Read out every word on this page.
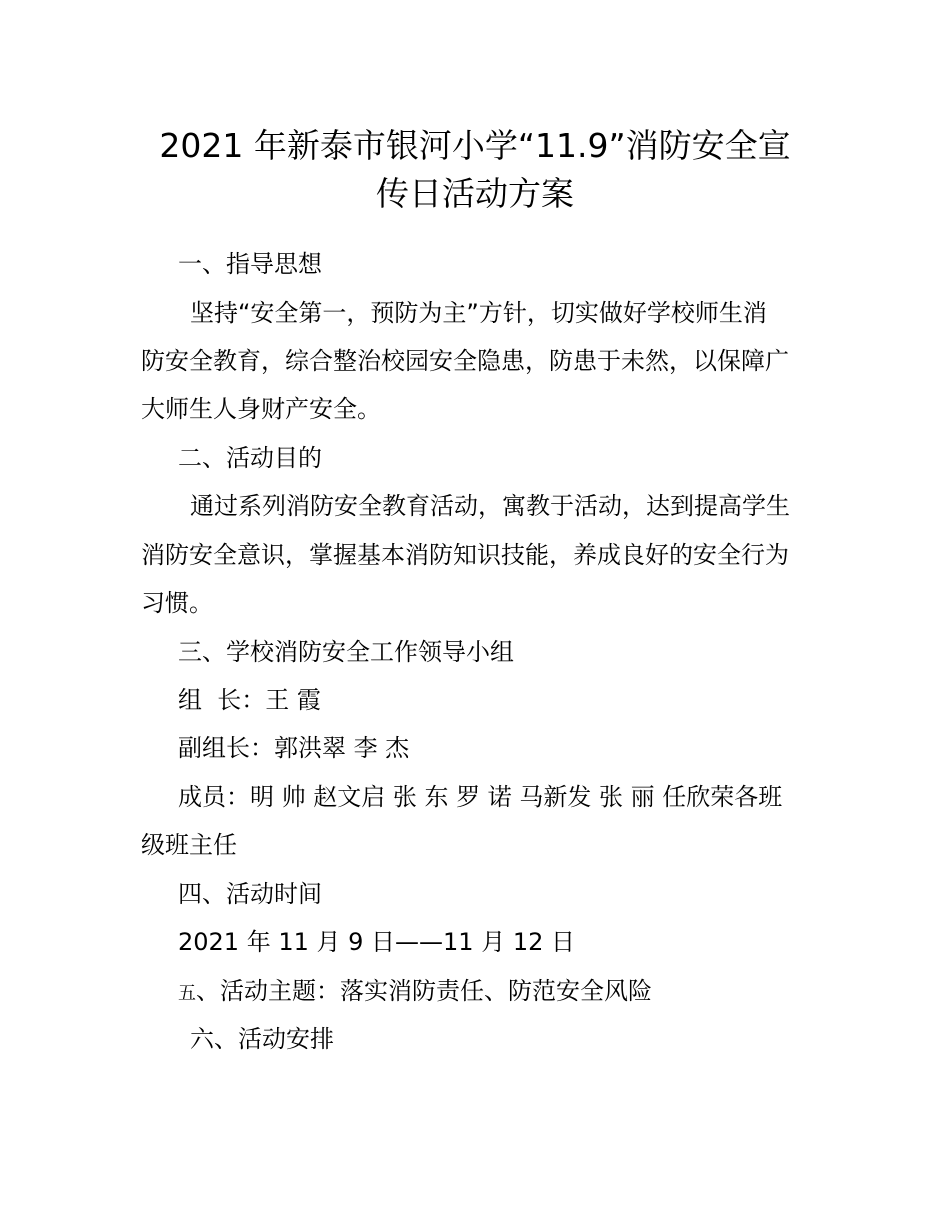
2021 年新泰市银河小学“11.9”消防安全宣
传日活动方案
一、指导思想
坚持“安全第一，预防为主”方针，切实做好学校师生消
防安全教育，综合整治校园安全隐患，防患于未然，以保障广
大师生人身财产安全。
二、活动目的
通过系列消防安全教育活动，寓教于活动，达到提高学生
消防安全意识，掌握基本消防知识技能，养成良好的安全行为
习惯。
三、学校消防安全工作领导小组
组  长：王 霞
副组长：郭洪翠 李 杰
成员：明 帅 赵文启 张 东 罗 诺 马新发 张 丽 任欣荣各班
级班主任
四、活动时间
2021 年 11 月 9 日——11 月 12 日
五、活动主题：落实消防责任、防范安全风险
六、活动安排
